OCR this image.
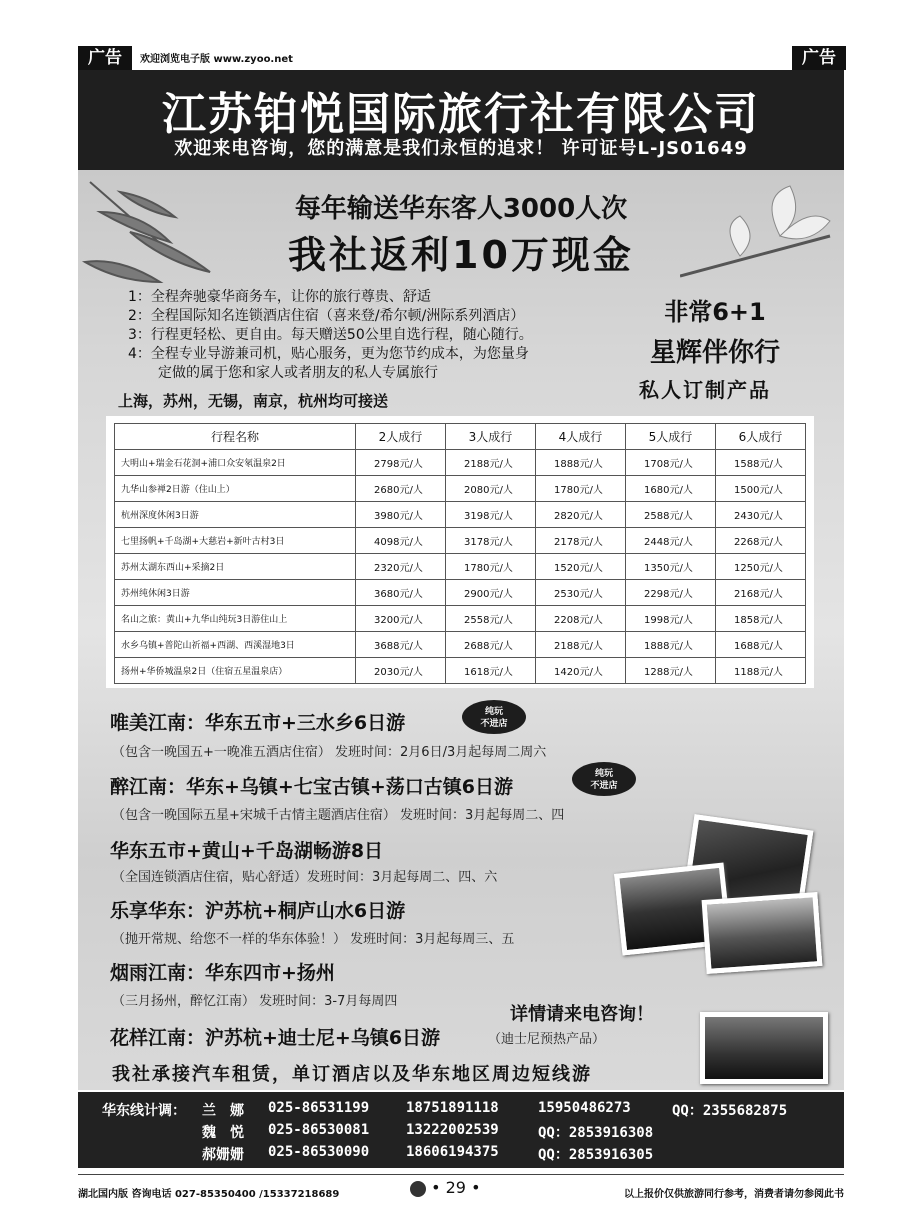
广告	欢迎浏览电子版 www.zyoo.net	广告
江苏铂悦国际旅行社有限公司
欢迎来电咨询，您的满意是我们永恒的追求！ 许可证号L-JS01649
每年输送华东客人3000人次
我社返利10万现金
1：全程奔驰豪华商务车，让你的旅行尊贵、舒适
2：全程国际知名连锁酒店住宿（喜来登/希尔顿/洲际系列酒店）
3：行程更轻松、更自由。每天赠送50公里自选行程，随心随行。
4：全程专业导游兼司机，贴心服务，更为您节约成本，为您量身
定做的属于您和家人或者朋友的私人专属旅行
上海，苏州，无锡，南京，杭州均可接送
非常6+1
星辉伴你行
私人订制产品
行程名称	2人成行	3人成行	4人成行	5人成行	6人成行
大明山+瑞金石花洞+浦口众安氡温泉2日	2798元/人	2188元/人	1888元/人	1708元/人	1588元/人
九华山参禅2日游（住山上）	2680元/人	2080元/人	1780元/人	1680元/人	1500元/人
杭州深度休闲3日游	3980元/人	3198元/人	2820元/人	2588元/人	2430元/人
七里扬帆+千岛湖+大慈岩+新叶古村3日	4098元/人	3178元/人	2178元/人	2448元/人	2268元/人
苏州太湖东西山+采摘2日	2320元/人	1780元/人	1520元/人	1350元/人	1250元/人
苏州纯休闲3日游	3680元/人	2900元/人	2530元/人	2298元/人	2168元/人
名山之旅：黄山+九华山纯玩3日游住山上	3200元/人	2558元/人	2208元/人	1998元/人	1858元/人
水乡乌镇+普陀山祈福+西湖、西溪湿地3日	3688元/人	2688元/人	2188元/人	1888元/人	1688元/人
扬州+华侨城温泉2日（住宿五星温泉店）	2030元/人	1618元/人	1420元/人	1288元/人	1188元/人
唯美江南：华东五市+三水乡6日游	纯玩
不进店
（包含一晚国五+一晚准五酒店住宿） 发班时间：2月6日/3月起每周二周六
醉江南：华东+乌镇+七宝古镇+荡口古镇6日游
纯玩
不进店
（包含一晚国际五星+宋城千古情主题酒店住宿） 发班时间：3月起每周二、四
华东五市+黄山+千岛湖畅游8日
（全国连锁酒店住宿，贴心舒适）发班时间：3月起每周二、四、六
乐享华东：沪苏杭+桐庐山水6日游
（抛开常规、给您不一样的华东体验！） 发班时间：3月起每周三、五
烟雨江南：华东四市+扬州
（三月扬州，醉忆江南） 发班时间：3-7月每周四
花样江南：沪苏杭+迪士尼+乌镇6日游	（迪士尼预热产品）
详情请来电咨询！
我社承接汽车租赁，单订酒店以及华东地区周边短线游
华东线计调： 兰　娜 025-86531199	18751891118	15950486273	QQ：2355682875
魏　悦 025-86530081	13222002539	QQ：2853916308
郝姗姗 025-86530090	18606194375	QQ：2853916305
湖北国内版 咨询电话 027-85350400 /15337218689	• 29 •	以上报价仅供旅游同行参考，消费者请勿参阅此书
